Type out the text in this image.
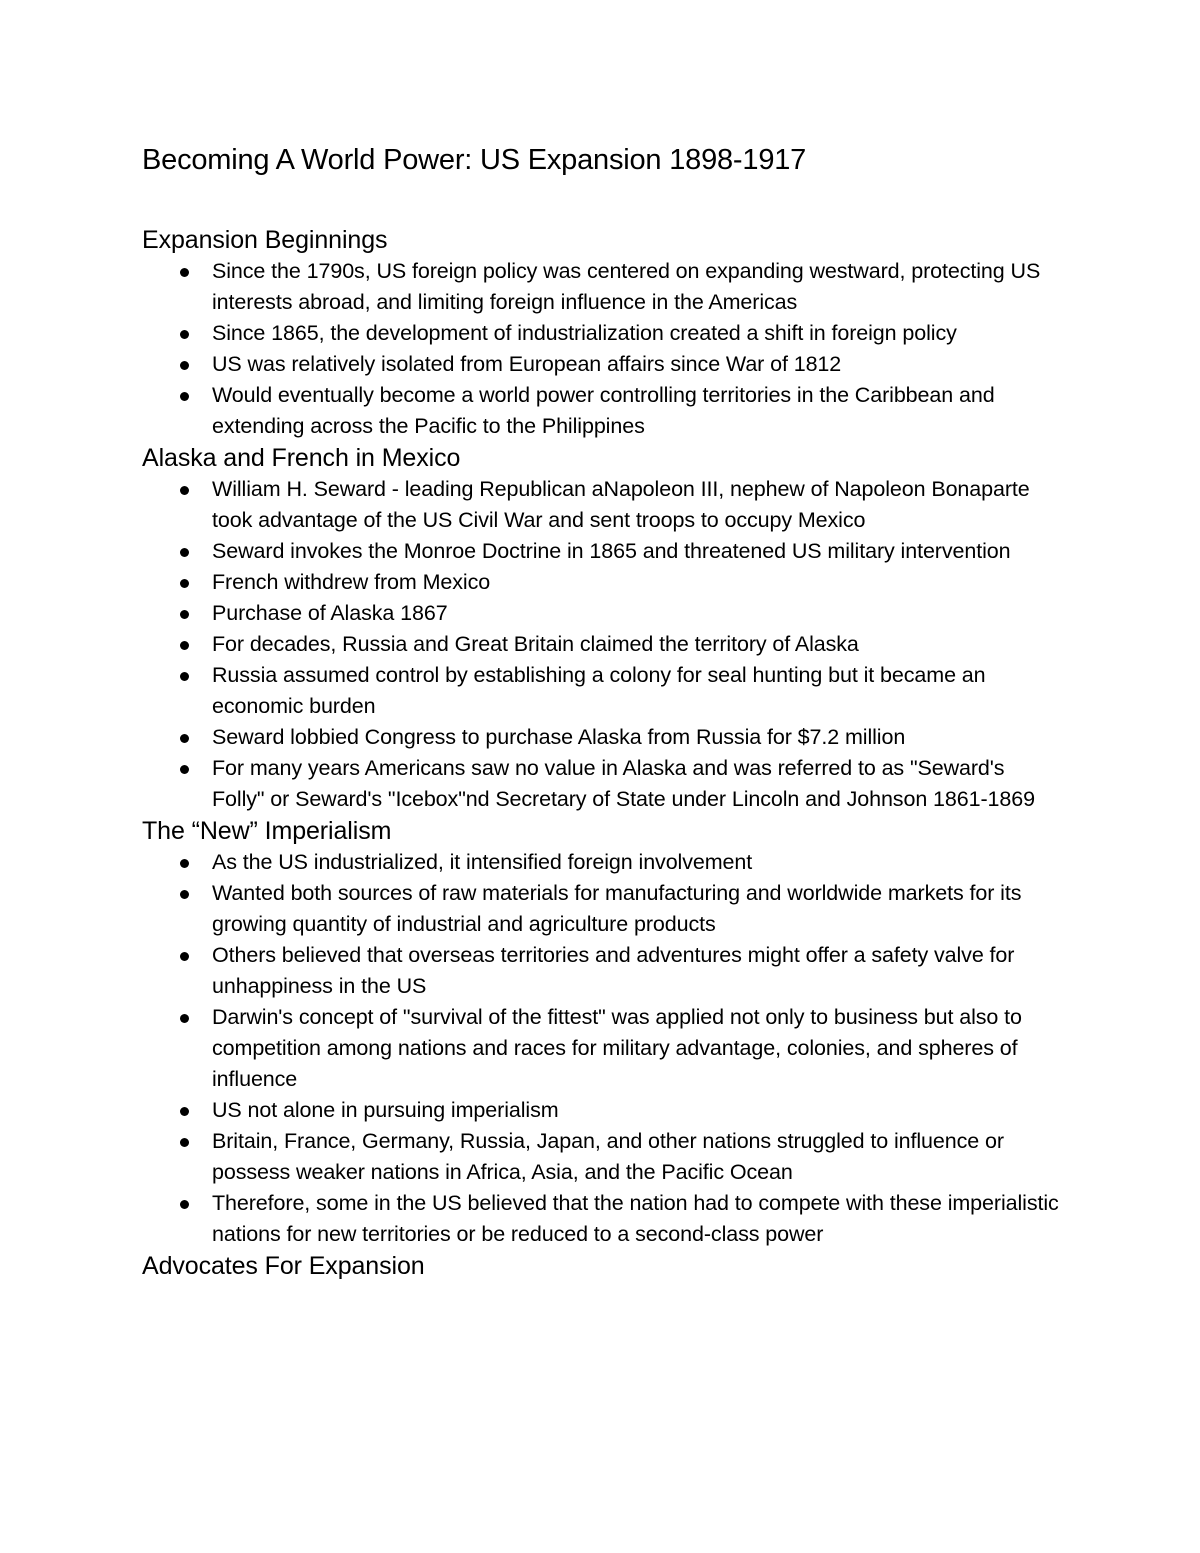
Becoming A World Power: US Expansion 1898-1917
Expansion Beginnings
Since the 1790s, US foreign policy was centered on expanding westward, protecting US interests abroad, and limiting foreign influence in the Americas
Since 1865, the development of industrialization created a shift in foreign policy
US was relatively isolated from European affairs since War of 1812
Would eventually become a world power controlling territories in the Caribbean and extending across the Pacific to the Philippines
Alaska and French in Mexico
William H. Seward - leading Republican aNapoleon III, nephew of Napoleon Bonaparte took advantage of the US Civil War and sent troops to occupy Mexico
Seward invokes the Monroe Doctrine in 1865 and threatened US military intervention
French withdrew from Mexico
Purchase of Alaska 1867
For decades, Russia and Great Britain claimed the territory of Alaska
Russia assumed control by establishing a colony for seal hunting but it became an economic burden
Seward lobbied Congress to purchase Alaska from Russia for $7.2 million
For many years Americans saw no value in Alaska and was referred to as "Seward's Folly" or Seward's "Icebox"nd Secretary of State under Lincoln and Johnson 1861-1869
The “New” Imperialism
As the US industrialized, it intensified foreign involvement
Wanted both sources of raw materials for manufacturing and worldwide markets for its growing quantity of industrial and agriculture products
Others believed that overseas territories and adventures might offer a safety valve for unhappiness in the US
Darwin's concept of "survival of the fittest" was applied not only to business but also to competition among nations and races for military advantage, colonies, and spheres of influence
US not alone in pursuing imperialism
Britain, France, Germany, Russia, Japan, and other nations struggled to influence or possess weaker nations in Africa, Asia, and the Pacific Ocean
Therefore, some in the US believed that the nation had to compete with these imperialistic nations for new territories or be reduced to a second-class power
Advocates For Expansion
